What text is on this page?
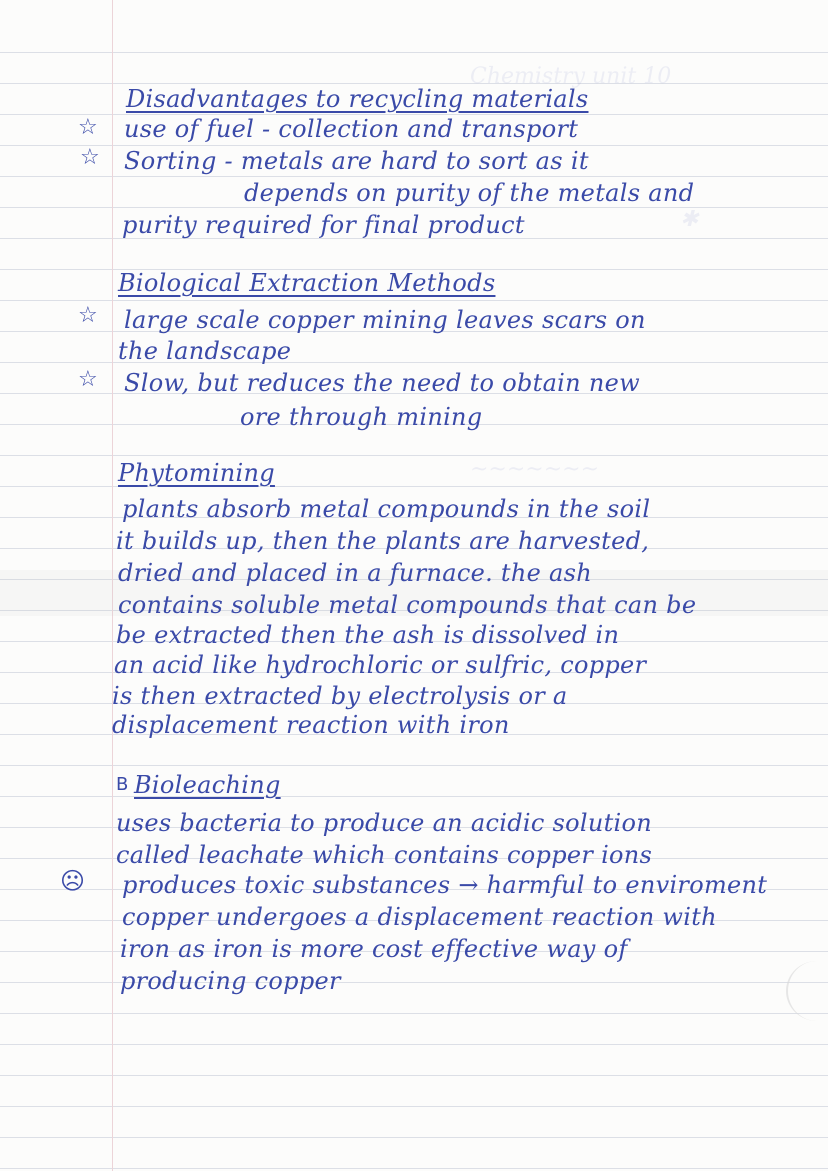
Chemistry unit 10
✱
~~~~~~~
Disadvantages to recycling materials
☆ use of fuel - collection and transport
☆ Sorting - metals are hard to sort as it
depends on purity of the metals and
purity required for final product
Biological Extraction Methods
☆ large scale copper mining leaves scars on
the landscape
☆ Slow, but reduces the need to obtain new
ore through mining
Phytomining
plants absorb metal compounds in the soil
it builds up, then the plants are harvested,
dried and placed in a furnace. the ash
contains soluble metal compounds that can be
be extracted then the ash is dissolved in
an acid like hydrochloric or sulfric, copper
is then extracted by electrolysis or a
displacement reaction with iron
B Bioleaching
uses bacteria to produce an acidic solution
called leachate which contains copper ions
☹ produces toxic substances → harmful to enviroment
copper undergoes a displacement reaction with
iron as iron is more cost effective way of
producing copper
